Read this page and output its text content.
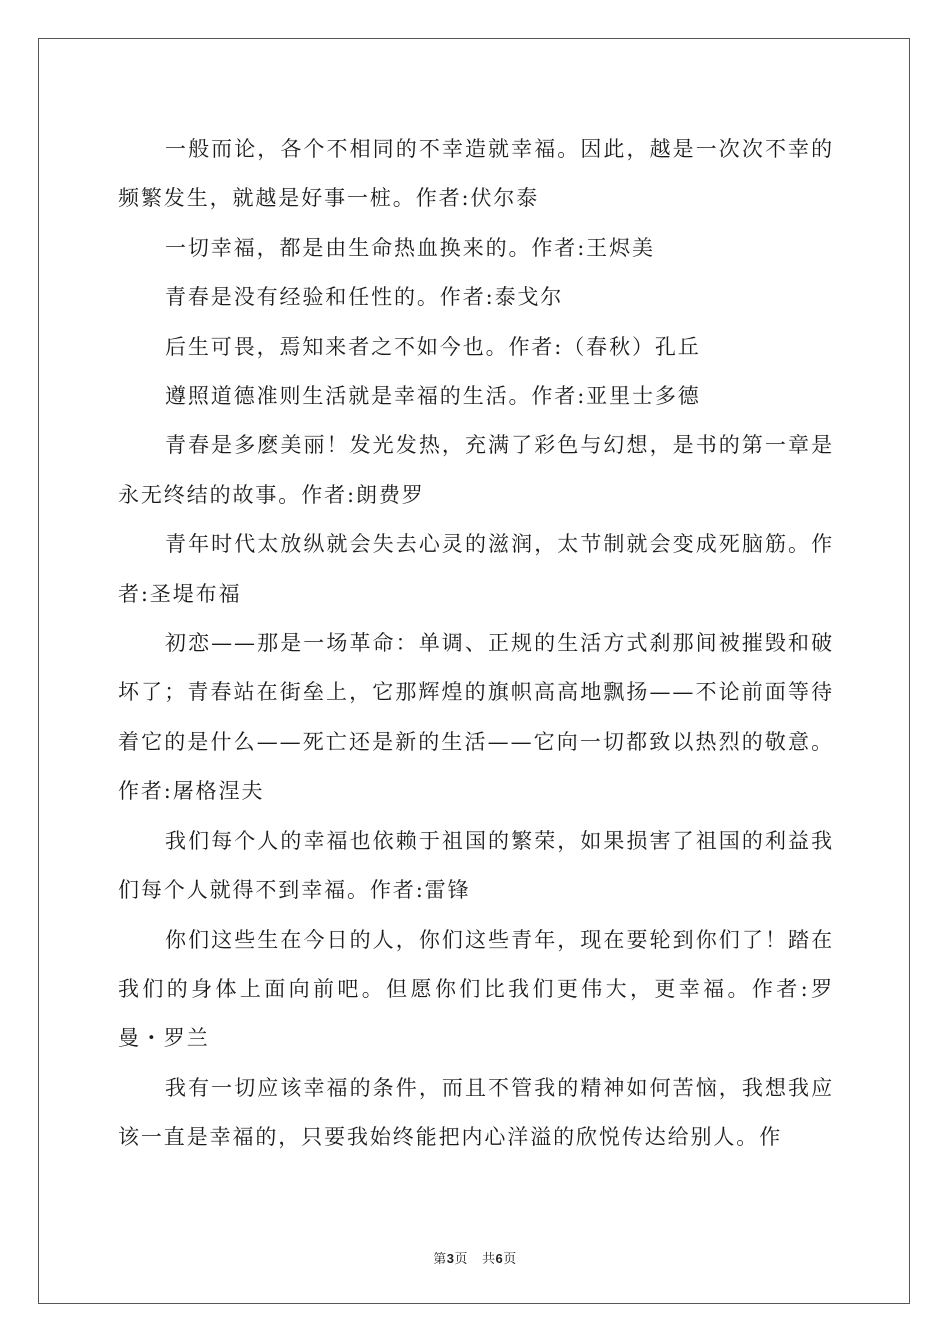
一般而论，各个不相同的不幸造就幸福。因此，越是一次次不幸的频繁发生，就越是好事一桩。作者:伏尔泰

一切幸福，都是由生命热血换来的。作者:王烬美

青春是没有经验和任性的。作者:泰戈尔

后生可畏，焉知来者之不如今也。作者:（春秋）孔丘

遵照道德准则生活就是幸福的生活。作者:亚里士多德

青春是多麽美丽！发光发热，充满了彩色与幻想，是书的第一章是永无终结的故事。作者:朗费罗

青年时代太放纵就会失去心灵的滋润，太节制就会变成死脑筋。作者:圣堤布福

初恋——那是一场革命：单调、正规的生活方式刹那间被摧毁和破坏了；青春站在街垒上，它那辉煌的旗帜高高地飘扬——不论前面等待着它的是什么——死亡还是新的生活——它向一切都致以热烈的敬意。作者:屠格涅夫

我们每个人的幸福也依赖于祖国的繁荣，如果损害了祖国的利益我们每个人就得不到幸福。作者:雷锋

你们这些生在今日的人，你们这些青年，现在要轮到你们了！踏在我们的身体上面向前吧。但愿你们比我们更伟大，更幸福。作者:罗曼・罗兰

我有一切应该幸福的条件，而且不管我的精神如何苦恼，我想我应该一直是幸福的，只要我始终能把内心洋溢的欣悦传达给别人。作

第3页 共6页
